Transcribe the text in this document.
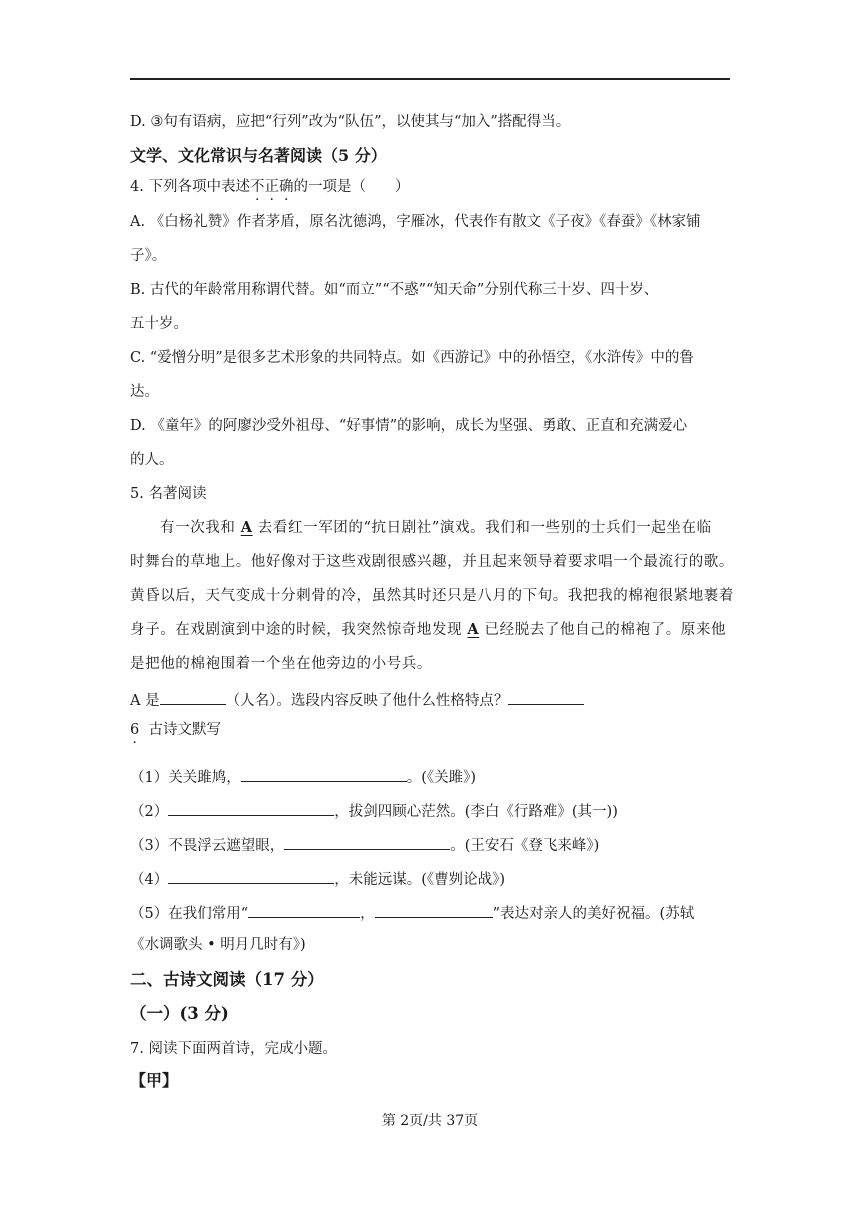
D. ③句有语病，应把“行列”改为“队伍”，以使其与“加入”搭配得当。
文学、文化常识与名著阅读（5 分）
4. 下列各项中表述不正确的一项是（　　）
A. 《白杨礼赞》作者茅盾，原名沈德鸿，字雁冰，代表作有散文《子夜》《春蚕》《林家铺
子》。
B. 古代的年龄常用称谓代替。如“而立”“不惑”“知天命”分别代称三十岁、四十岁、
五十岁。
C. “爱憎分明”是很多艺术形象的共同特点。如《西游记》中的孙悟空，《水浒传》中的鲁
达。
D. 《童年》的阿廖沙受外祖母、“好事情”的影响，成长为坚强、勇敢、正直和充满爱心
的人。
5. 名著阅读
有一次我和 A 去看红一军团的“抗日剧社”演戏。我们和一些别的士兵们一起坐在临
时舞台的草地上。他好像对于这些戏剧很感兴趣，并且起来领导着要求唱一个最流行的歌。
黄昏以后，天气变成十分刺骨的冷，虽然其时还只是八月的下旬。我把我的棉袍很紧地裹着
身子。在戏剧演到中途的时候，我突然惊奇地发现 A 已经脱去了他自己的棉袍了。原来他
是把他的棉袍围着一个坐在他旁边的小号兵。
A 是	（人名）。选段内容反映了他什么性格特点？
6 . 古诗文默写
（1）关关雎鸠，	。(《关雎》)
（2）	，拔剑四顾心茫然。(李白《行路难》(其一))
（3）不畏浮云遮望眼，	。(王安石《登飞来峰》)
（4）	，未能远谋。(《曹刿论战》)
（5）在我们常用“	，	”表达对亲人的美好祝福。(苏轼
《水调歌头 • 明月几时有》)
二、古诗文阅读（17 分）
（一）(3 分)
7. 阅读下面两首诗，完成小题。
【甲】
第 2页/共 37页
